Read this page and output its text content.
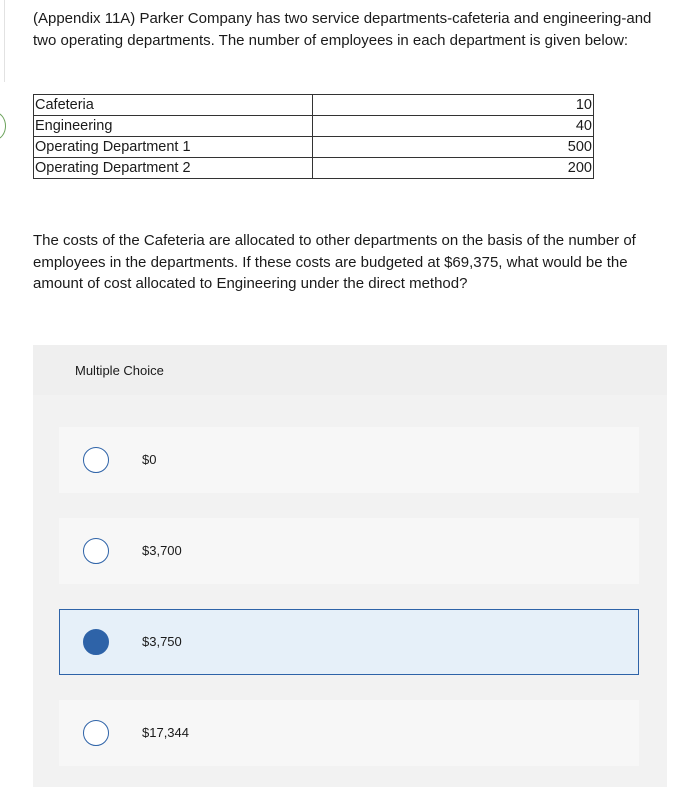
(Appendix 11A) Parker Company has two service departments-cafeteria and engineering-and two operating departments. The number of employees in each department is given below:

Cafeteria	10
Engineering	40
Operating Department 1	500
Operating Department 2	200

The costs of the Cafeteria are allocated to other departments on the basis of the number of employees in the departments. If these costs are budgeted at $69,375, what would be the amount of cost allocated to Engineering under the direct method?

Multiple Choice
$0
$3,700
$3,750
$17,344
